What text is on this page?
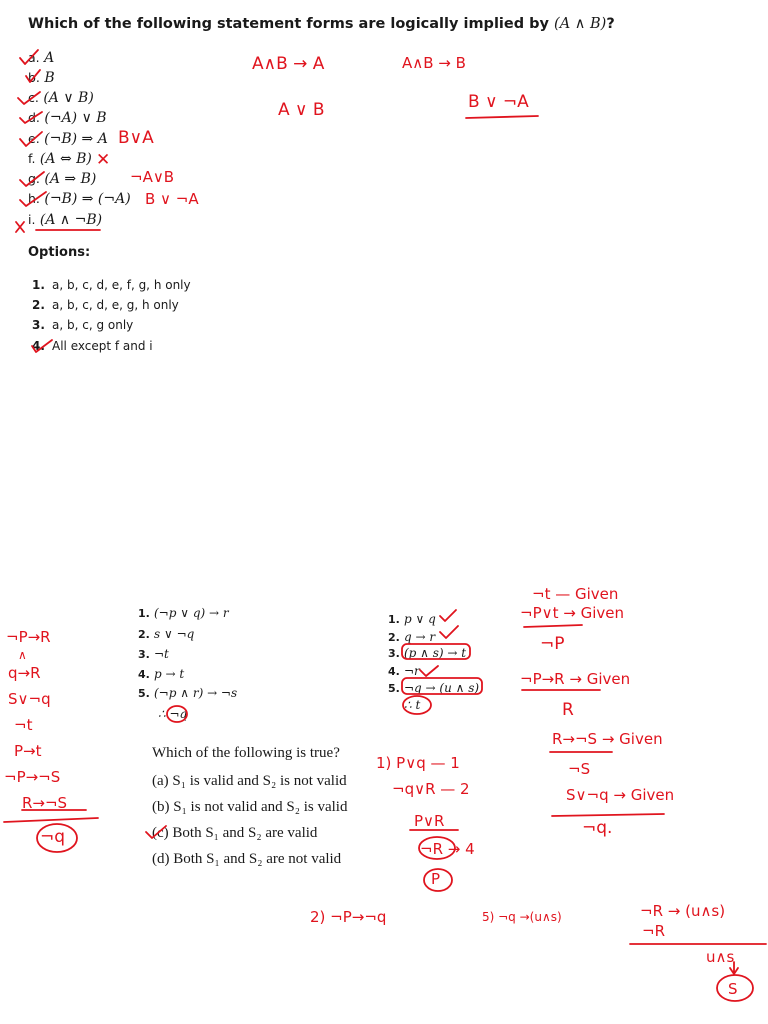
Which of the following statement forms are logically implied by (A ∧ B)?
a. A
b. B
c. (A ∨ B)
d. (¬A) ∨ B
e. (¬B) ⇒ A
f. (A ⇔ B)
g. (A ⇒ B)
h. (¬B) ⇒ (¬A)
i. (A ∧ ¬B)
Options:
1. a, b, c, d, e, f, g, h only
2. a, b, c, d, e, g, h only
3. a, b, c, g only
4. All except f and i
1. (¬p ∨ q) → r
2. s ∨ ¬q
3. ¬t
4. p → t
5. (¬p ∧ r) → ¬s
∴ ¬q
1. p ∨ q
2. q → r
3. (p ∧ s) → t
4. ¬r
5. ¬q → (u ∧ s)
∴ t
Which of the following is true?
(a) S₁ is valid and S₂ is not valid
(b) S₁ is not valid and S₂ is valid
(c) Both S₁ and S₂ are valid
(d) Both S₁ and S₂ are not valid
A∧B → A	A∧B → B
A ∨ B	B ∨ ¬A
B∨A
✕
¬A∨B
B ∨ ¬A
¬P→R
∧
q→R
S∨¬q
¬t
P→t
¬P→¬S
R→¬S
¬q
1) P∨q — 1
¬q∨R — 2
P∨R
¬R → 4
P
¬t — Given
¬P∨t → Given
¬P
¬P→R → Given
R
R→¬S → Given
¬S
S∨¬q → Given
¬q.
2) ¬P→¬q	5) ¬q →(u∧s)	¬R → (u∧s)
¬R
u∧s
S
